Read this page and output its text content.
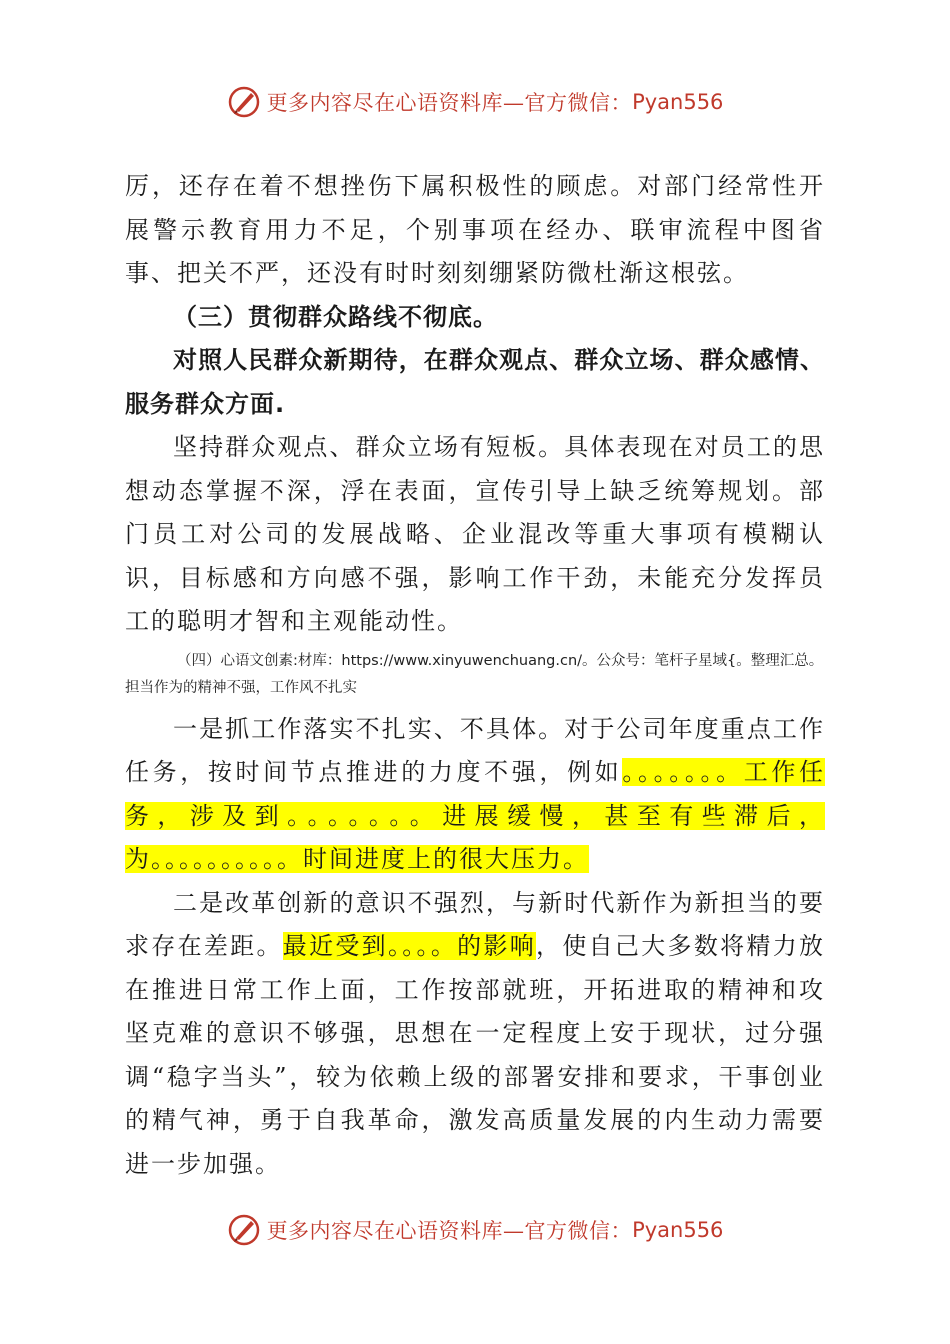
更多内容尽在心语资料库—官方微信： Pyan556

厉，还存在着不想挫伤下属积极性的顾虑。对部门经常性开展警示教育用力不足，个别事项在经办、联审流程中图省事、把关不严，还没有时时刻刻绷紧防微杜渐这根弦。

（三）贯彻群众路线不彻底。

对照人民群众新期待，在群众观点、群众立场、群众感情、服务群众方面.

坚持群众观点、群众立场有短板。具体表现在对员工的思想动态掌握不深，浮在表面，宣传引导上缺乏统筹规划。部门员工对公司的发展战略、企业混改等重大事项有模糊认识，目标感和方向感不强，影响工作干劲，未能充分发挥员工的聪明才智和主观能动性。

（四）心语文创素:材库：https://www.xinyuwenchuang.cn/。公众号：笔杆子星域{。整理汇总。担当作为的精神不强，工作风不扎实

一是抓工作落实不扎实、不具体。对于公司年度重点工作任务，按时间节点推进的力度不强，例如。。。。。。。工作任务，涉及到。。。。。。。进展缓慢，甚至有些滞后，为。。。。。。。。。。时间进度上的很大压力。

二是改革创新的意识不强烈，与新时代新作为新担当的要求存在差距。最近受到。。。。的影响，使自己大多数将精力放在推进日常工作上面，工作按部就班，开拓进取的精神和攻坚克难的意识不够强，思想在一定程度上安于现状，过分强调“稳字当头”，较为依赖上级的部署安排和要求，干事创业的精气神，勇于自我革命，激发高质量发展的内生动力需要进一步加强。

更多内容尽在心语资料库—官方微信： Pyan556
